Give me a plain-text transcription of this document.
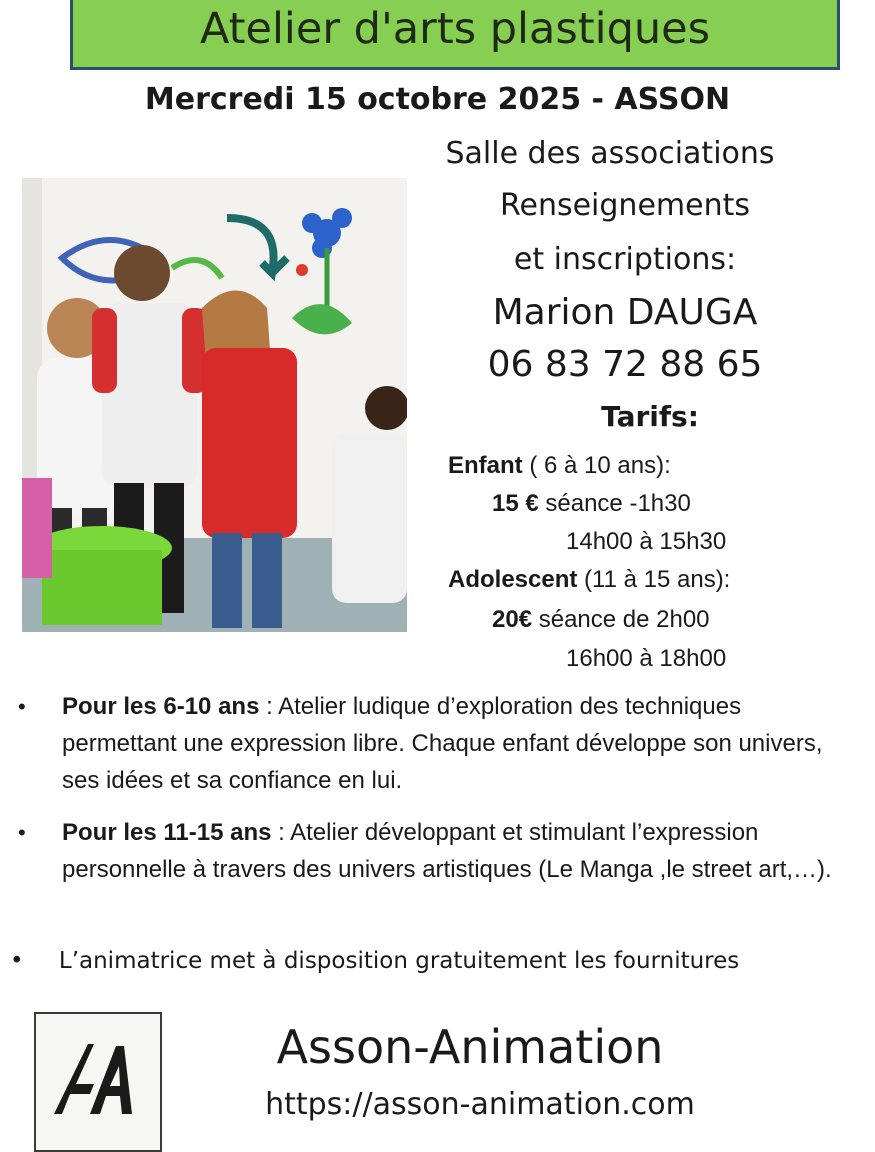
Atelier d'arts plastiques
Mercredi 15 octobre 2025 - ASSON
Salle des associations
Renseignements
et inscriptions:
Marion DAUGA
06 83 72 88 65
Tarifs:
Enfant ( 6 à 10 ans):
15 € séance -1h30
14h00 à 15h30
Adolescent (11 à 15 ans):
20€ séance de 2h00
16h00 à 18h00
•	Pour les 6-10 ans : Atelier ludique d’exploration des techniques permettant une expression libre. Chaque enfant développe son univers, ses idées et sa confiance en lui.
•	Pour les 11-15 ans : Atelier développant et stimulant l’expression personnelle à travers des univers artistiques (Le Manga ,le street art,…).
• L’animatrice met à disposition gratuitement les fournitures
Asson-Animation
https://asson-animation.com
